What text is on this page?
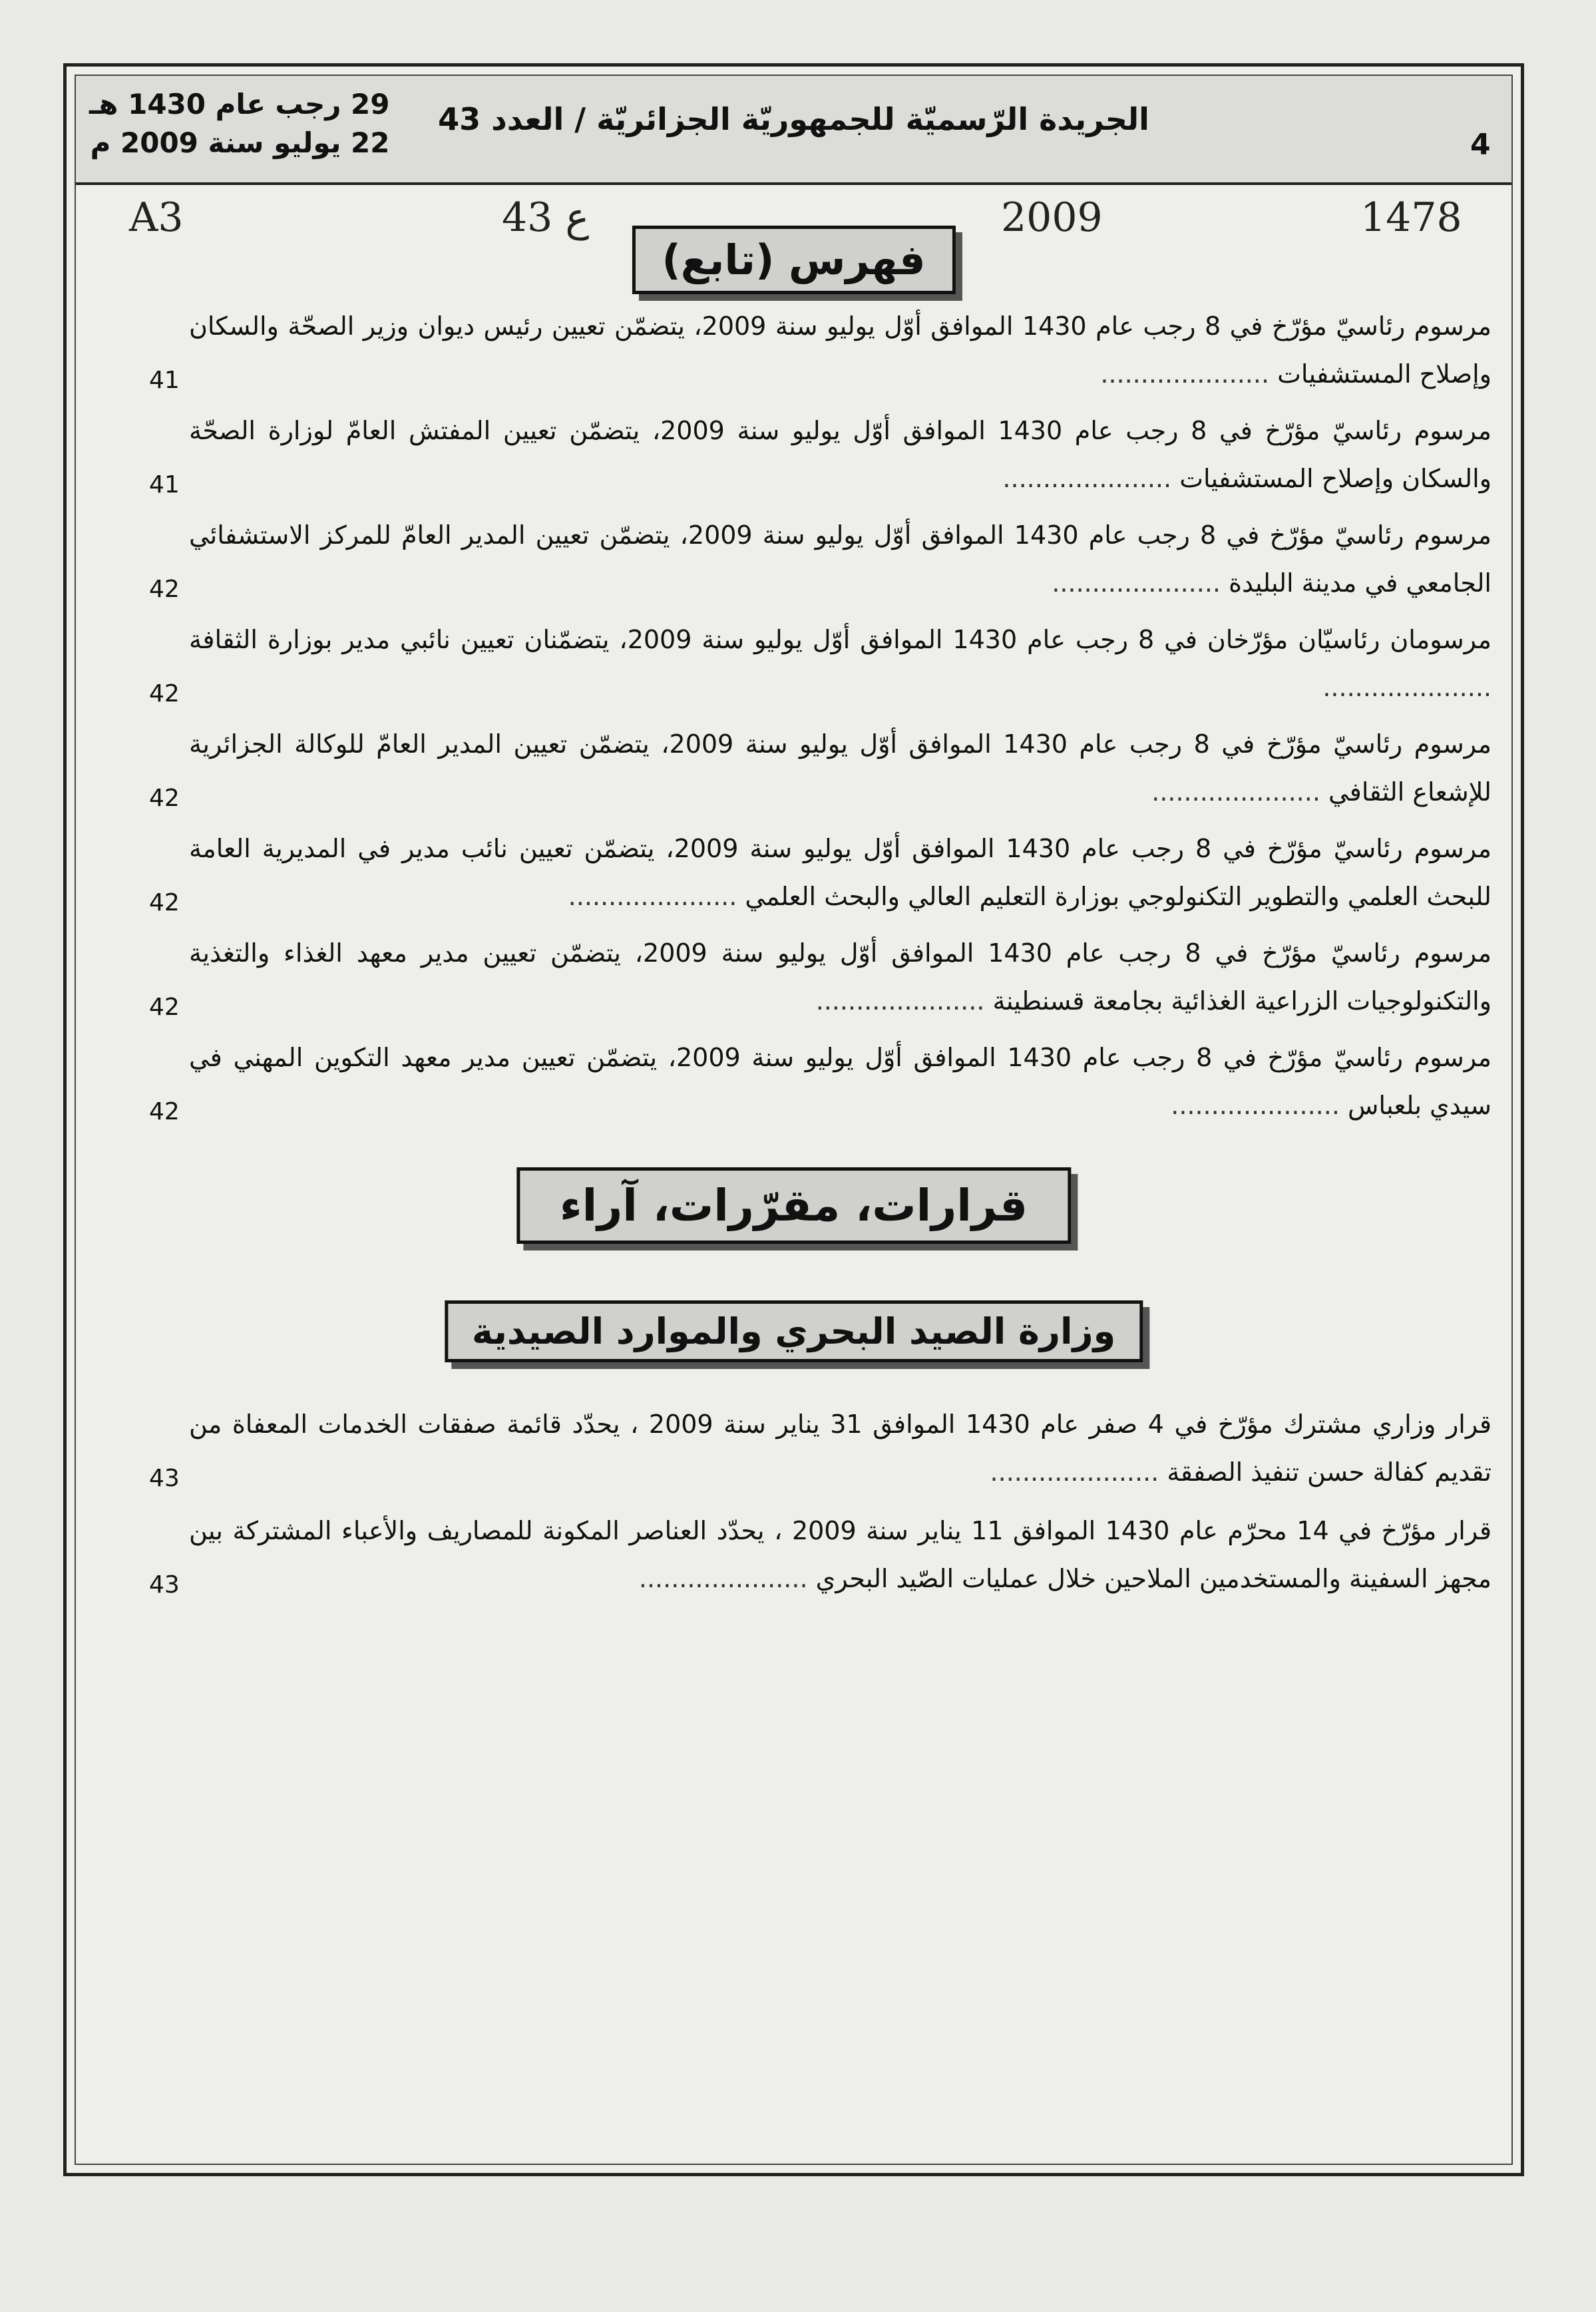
29 رجب عام 1430 هـ
22 يوليو سنة 2009 م
الجريدة الرّسميّة للجمهوريّة الجزائريّة / العدد 43
4
A3	43 ع	2009	1478
فهرس (تابع)
مرسوم رئاسيّ مؤرّخ في 8 رجب عام 1430 الموافق أوّل يوليو سنة 2009، يتضمّن تعيين رئيس ديوان وزير الصحّة والسكان وإصلاح المستشفيات .....................
41
مرسوم رئاسيّ مؤرّخ في 8 رجب عام 1430 الموافق أوّل يوليو سنة 2009، يتضمّن تعيين المفتش العامّ لوزارة الصحّة والسكان وإصلاح المستشفيات .....................
41
مرسوم رئاسيّ مؤرّخ في 8 رجب عام 1430 الموافق أوّل يوليو سنة 2009، يتضمّن تعيين المدير العامّ للمركز الاستشفائي الجامعي في مدينة البليدة .....................
42
مرسومان رئاسيّان مؤرّخان في 8 رجب عام 1430 الموافق أوّل يوليو سنة 2009، يتضمّنان تعيين نائبي مدير بوزارة الثقافة .....................
42
مرسوم رئاسيّ مؤرّخ في 8 رجب عام 1430 الموافق أوّل يوليو سنة 2009، يتضمّن تعيين المدير العامّ للوكالة الجزائرية للإشعاع الثقافي .....................
42
مرسوم رئاسيّ مؤرّخ في 8 رجب عام 1430 الموافق أوّل يوليو سنة 2009، يتضمّن تعيين نائب مدير في المديرية العامة للبحث العلمي والتطوير التكنولوجي بوزارة التعليم العالي والبحث العلمي .....................
42
مرسوم رئاسيّ مؤرّخ في 8 رجب عام 1430 الموافق أوّل يوليو سنة 2009، يتضمّن تعيين مدير معهد الغذاء والتغذية والتكنولوجيات الزراعية الغذائية بجامعة قسنطينة .....................
42
مرسوم رئاسيّ مؤرّخ في 8 رجب عام 1430 الموافق أوّل يوليو سنة 2009، يتضمّن تعيين مدير معهد التكوين المهني في سيدي بلعباس .....................
42
قرارات، مقرّرات، آراء
وزارة الصيد البحري والموارد الصيدية
قرار وزاري مشترك مؤرّخ في 4 صفر عام 1430 الموافق 31 يناير سنة 2009 ، يحدّد قائمة صفقات الخدمات المعفاة من تقديم كفالة حسن تنفيذ الصفقة .....................
43
قرار مؤرّخ في 14 محرّم عام 1430 الموافق 11 يناير سنة 2009 ، يحدّد العناصر المكونة للمصاريف والأعباء المشتركة بين مجهز السفينة والمستخدمين الملاحين خلال عمليات الصّيد البحري .....................
43
